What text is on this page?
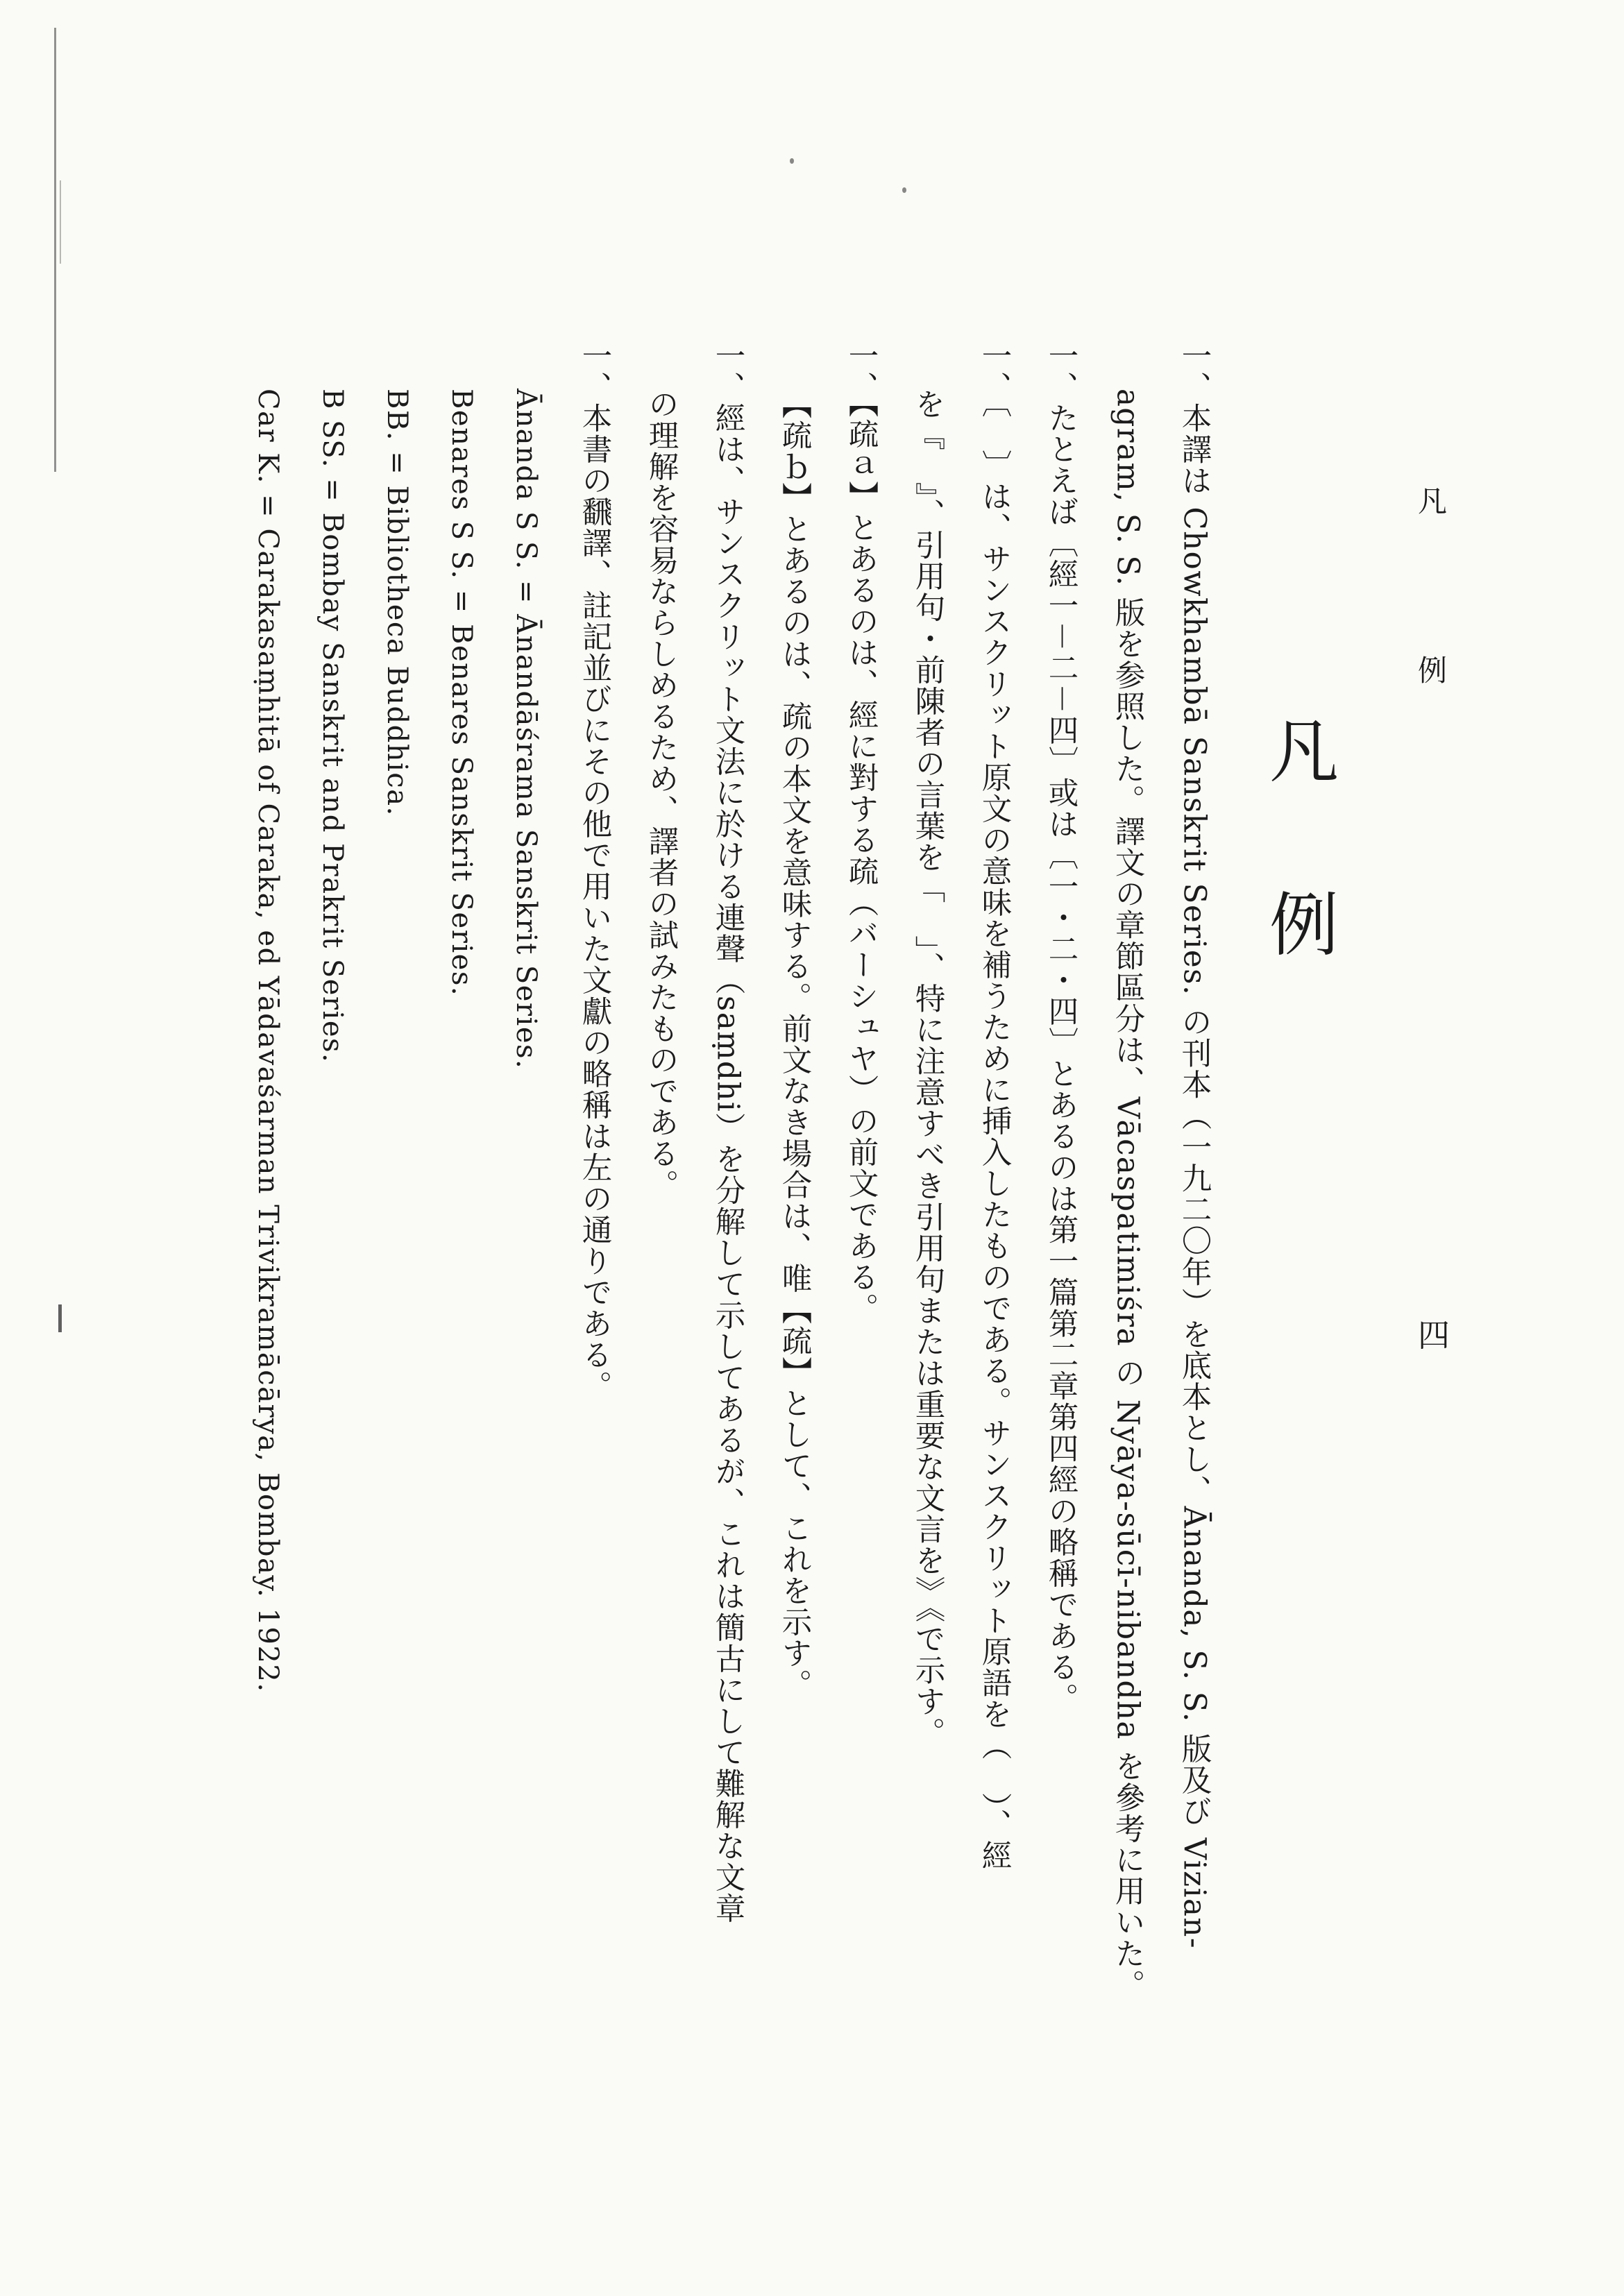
凡例
四
凡例
一、本譯は Chowkhambā Sanskrit Series. の刊本（一九二〇年）を底本とし、Ānanda, S. S. 版及び Vizian-
agram, S. S. 版を参照した。譯文の章節區分は、Vācaspatimiśra の Nyāya-sūcī-nibandha を參考に用いた。
一、たとえば〔經一－二－四〕或は〔一・二・四〕とあるのは第一篇第二章第四經の略稱である。
一、〔　〕は、サンスクリット原文の意味を補うために挿入したものである。サンスクリット原語を（　）、經
を『　』、引用句・前陳者の言葉を「　」、特に注意すべき引用句または重要な文言を》《で示す。
一、【疏ａ】とあるのは、經に對する疏（バーシュヤ）の前文である。
【疏ｂ】とあるのは、疏の本文を意味する。前文なき場合は、唯【疏】として、これを示す。
一、經は、サンスクリット文法に於ける連聲（saṃdhi）を分解して示してあるが、これは簡古にして難解な文章
の理解を容易ならしめるため、譯者の試みたものである。
一、本書の飜譯、註記並びにその他で用いた文獻の略稱は左の通りである。
Ānanda S S. = Ānandāśrama Sanskrit Series.
Benares S S. = Benares Sanskrit Series.
BB. = Bibliotheca Buddhica.
B SS. = Bombay Sanskrit and Prakrit Series.
Car K. = Carakasaṃhitā of Caraka, ed Yādavaśarman Trivikramācārya, Bombay. 1922.
